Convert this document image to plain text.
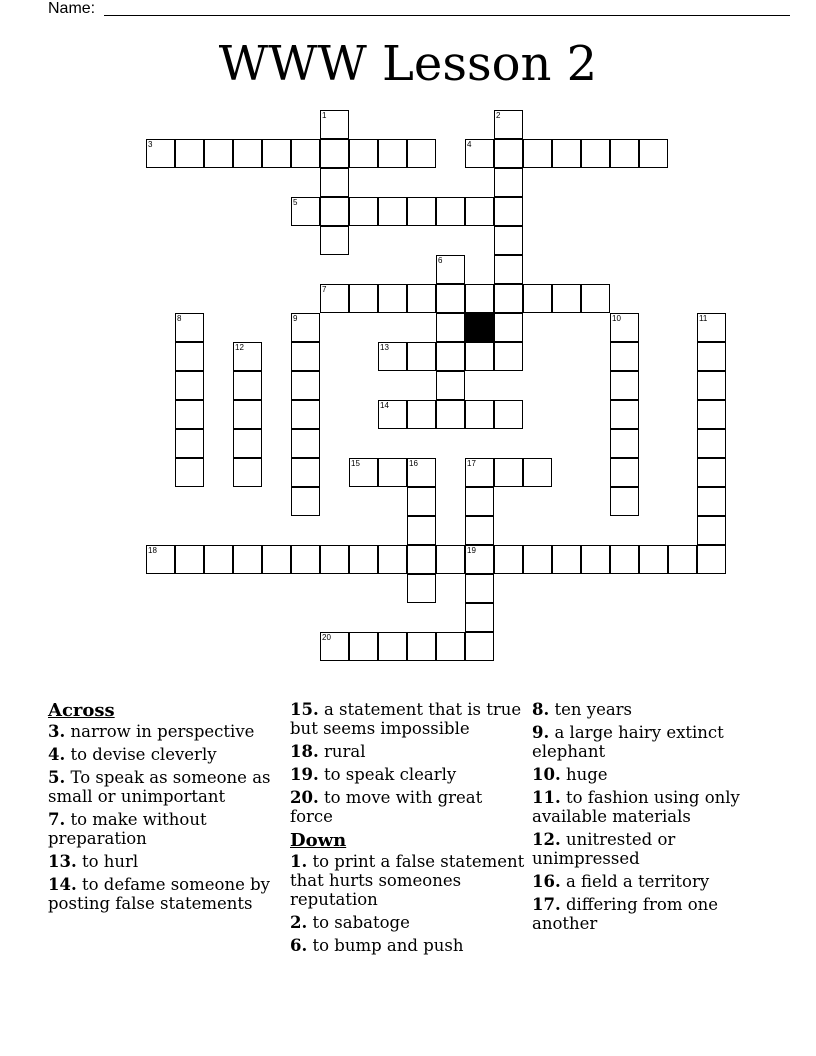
Name:
WWW Lesson 2
1	2
3	4
5
6
7
8	9	10	11
12	13
14
15	16	17
19
18
20

Across

3. narrow in perspective

4. to devise cleverly

5. To speak as someone as small or unimportant

7. to make without preparation

13. to hurl

14. to defame someone by posting false statements

15. a statement that is true but seems impossible

18. rural

19. to speak clearly

20. to move with great force

Down

1. to print a false statement that hurts someones reputation

2. to sabatoge

6. to bump and push

8. ten years

9. a large hairy extinct elephant

10. huge

11. to fashion using only available materials

12. unitrested or unimpressed

16. a field a territory

17. differing from one another
